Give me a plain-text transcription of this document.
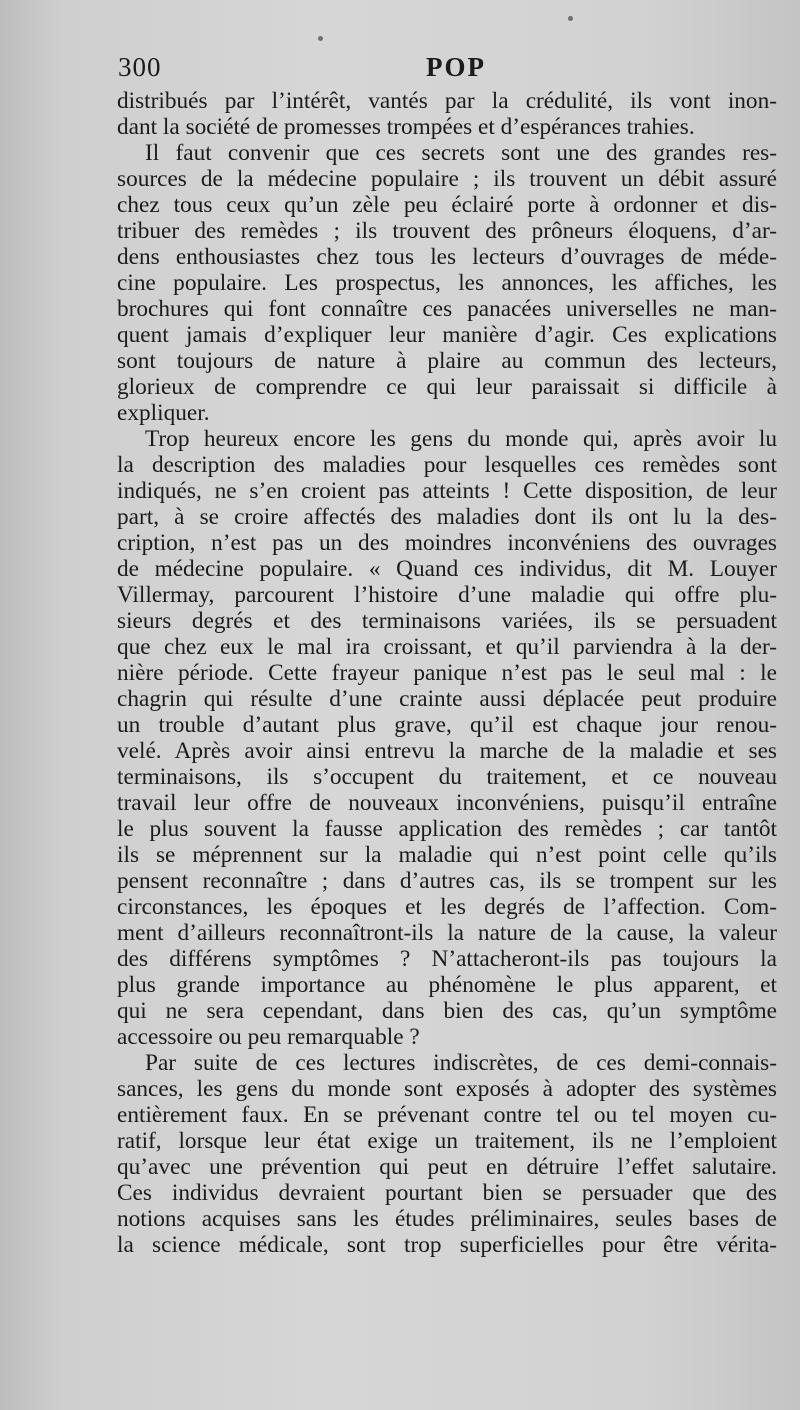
300	POP
distribués par l’intérêt, vantés par la crédulité, ils vont inon-
dant la société de promesses trompées et d’espérances trahies.
Il faut convenir que ces secrets sont une des grandes res-
sources de la médecine populaire ; ils trouvent un débit assuré
chez tous ceux qu’un zèle peu éclairé porte à ordonner et dis-
tribuer des remèdes ; ils trouvent des prôneurs éloquens, d’ar-
dens enthousiastes chez tous les lecteurs d’ouvrages de méde-
cine populaire. Les prospectus, les annonces, les affiches, les
brochures qui font connaître ces panacées universelles ne man-
quent jamais d’expliquer leur manière d’agir. Ces explications
sont toujours de nature à plaire au commun des lecteurs,
glorieux de comprendre ce qui leur paraissait si difficile à
expliquer.
Trop heureux encore les gens du monde qui, après avoir lu
la description des maladies pour lesquelles ces remèdes sont
indiqués, ne s’en croient pas atteints ! Cette disposition, de leur
part, à se croire affectés des maladies dont ils ont lu la des-
cription, n’est pas un des moindres inconvéniens des ouvrages
de médecine populaire. « Quand ces individus, dit M. Louyer
Villermay, parcourent l’histoire d’une maladie qui offre plu-
sieurs degrés et des terminaisons variées, ils se persuadent
que chez eux le mal ira croissant, et qu’il parviendra à la der-
nière période. Cette frayeur panique n’est pas le seul mal : le
chagrin qui résulte d’une crainte aussi déplacée peut produire
un trouble d’autant plus grave, qu’il est chaque jour renou-
velé. Après avoir ainsi entrevu la marche de la maladie et ses
terminaisons, ils s’occupent du traitement, et ce nouveau
travail leur offre de nouveaux inconvéniens, puisqu’il entraîne
le plus souvent la fausse application des remèdes ; car tantôt
ils se méprennent sur la maladie qui n’est point celle qu’ils
pensent reconnaître ; dans d’autres cas, ils se trompent sur les
circonstances, les époques et les degrés de l’affection. Com-
ment d’ailleurs reconnaîtront-ils la nature de la cause, la valeur
des différens symptômes ? N’attacheront-ils pas toujours la
plus grande importance au phénomène le plus apparent, et
qui ne sera cependant, dans bien des cas, qu’un symptôme
accessoire ou peu remarquable ?
Par suite de ces lectures indiscrètes, de ces demi-connais-
sances, les gens du monde sont exposés à adopter des systèmes
entièrement faux. En se prévenant contre tel ou tel moyen cu-
ratif, lorsque leur état exige un traitement, ils ne l’emploient
qu’avec une prévention qui peut en détruire l’effet salutaire.
Ces individus devraient pourtant bien se persuader que des
notions acquises sans les études préliminaires, seules bases de
la science médicale, sont trop superficielles pour être vérita-
